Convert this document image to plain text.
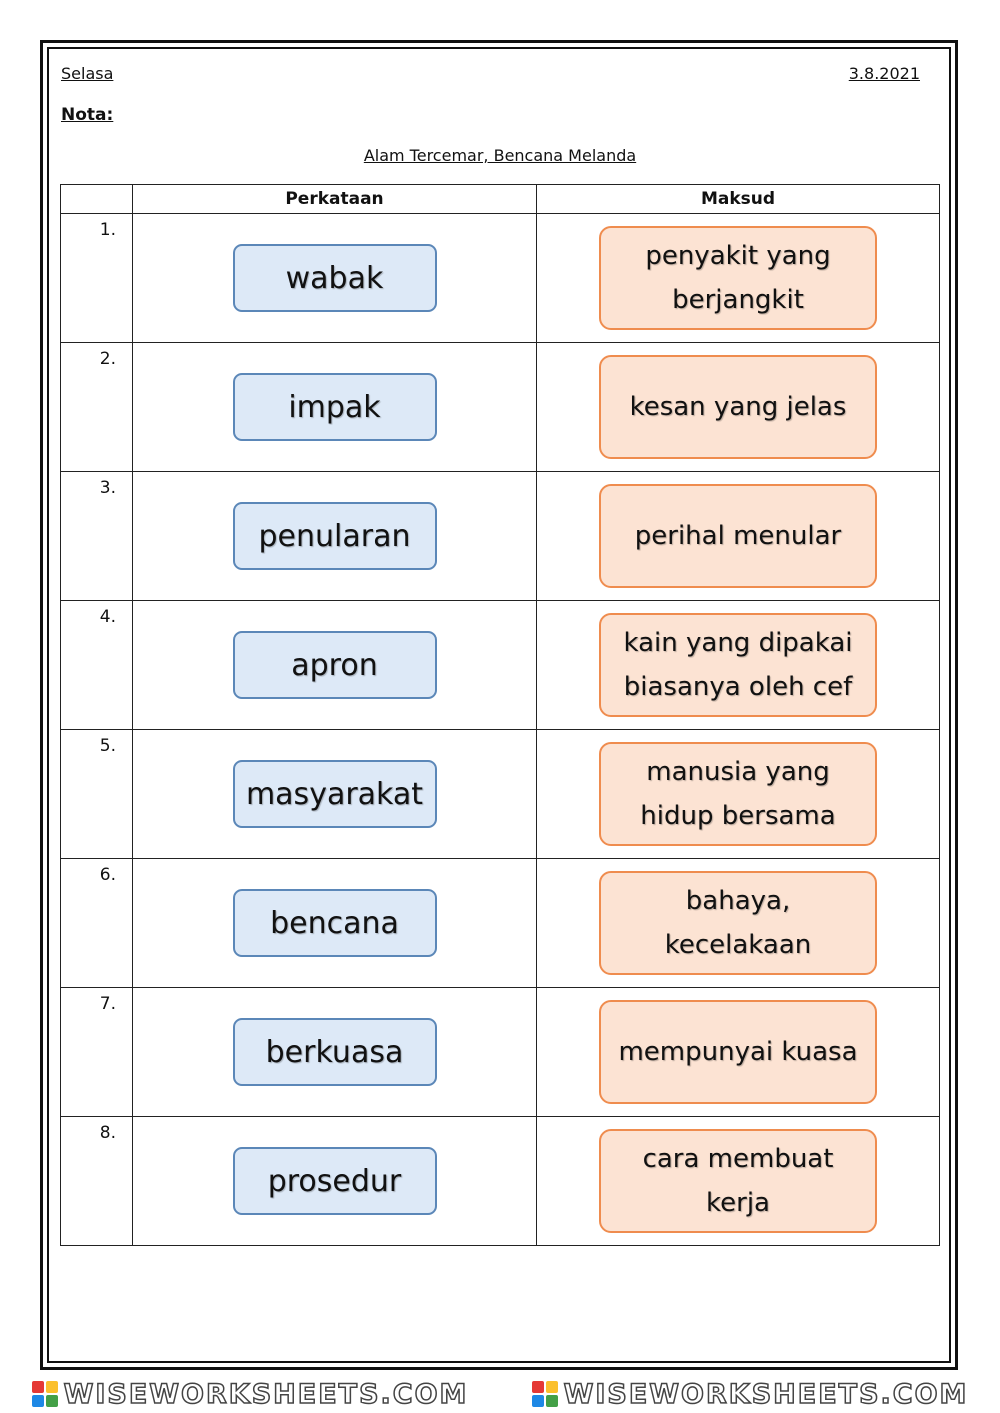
Selasa	3.8.2021
Nota:
Alam Tercemar, Bencana Melanda
	Perkataan	Maksud

1.	wabak	penyakit yang berjangkit

2.	impak	kesan yang jelas

3.	penularan	perihal menular

4.	apron	kain yang dipakai biasanya oleh cef

5.	masyarakat	manusia yang hidup bersama

6.	bencana	bahaya, kecelakaan

7.	berkuasa	mempunyai kuasa

8.	prosedur	cara membuat kerja
WISEWORKSHEETS.COM	WISEWORKSHEETS.COM
